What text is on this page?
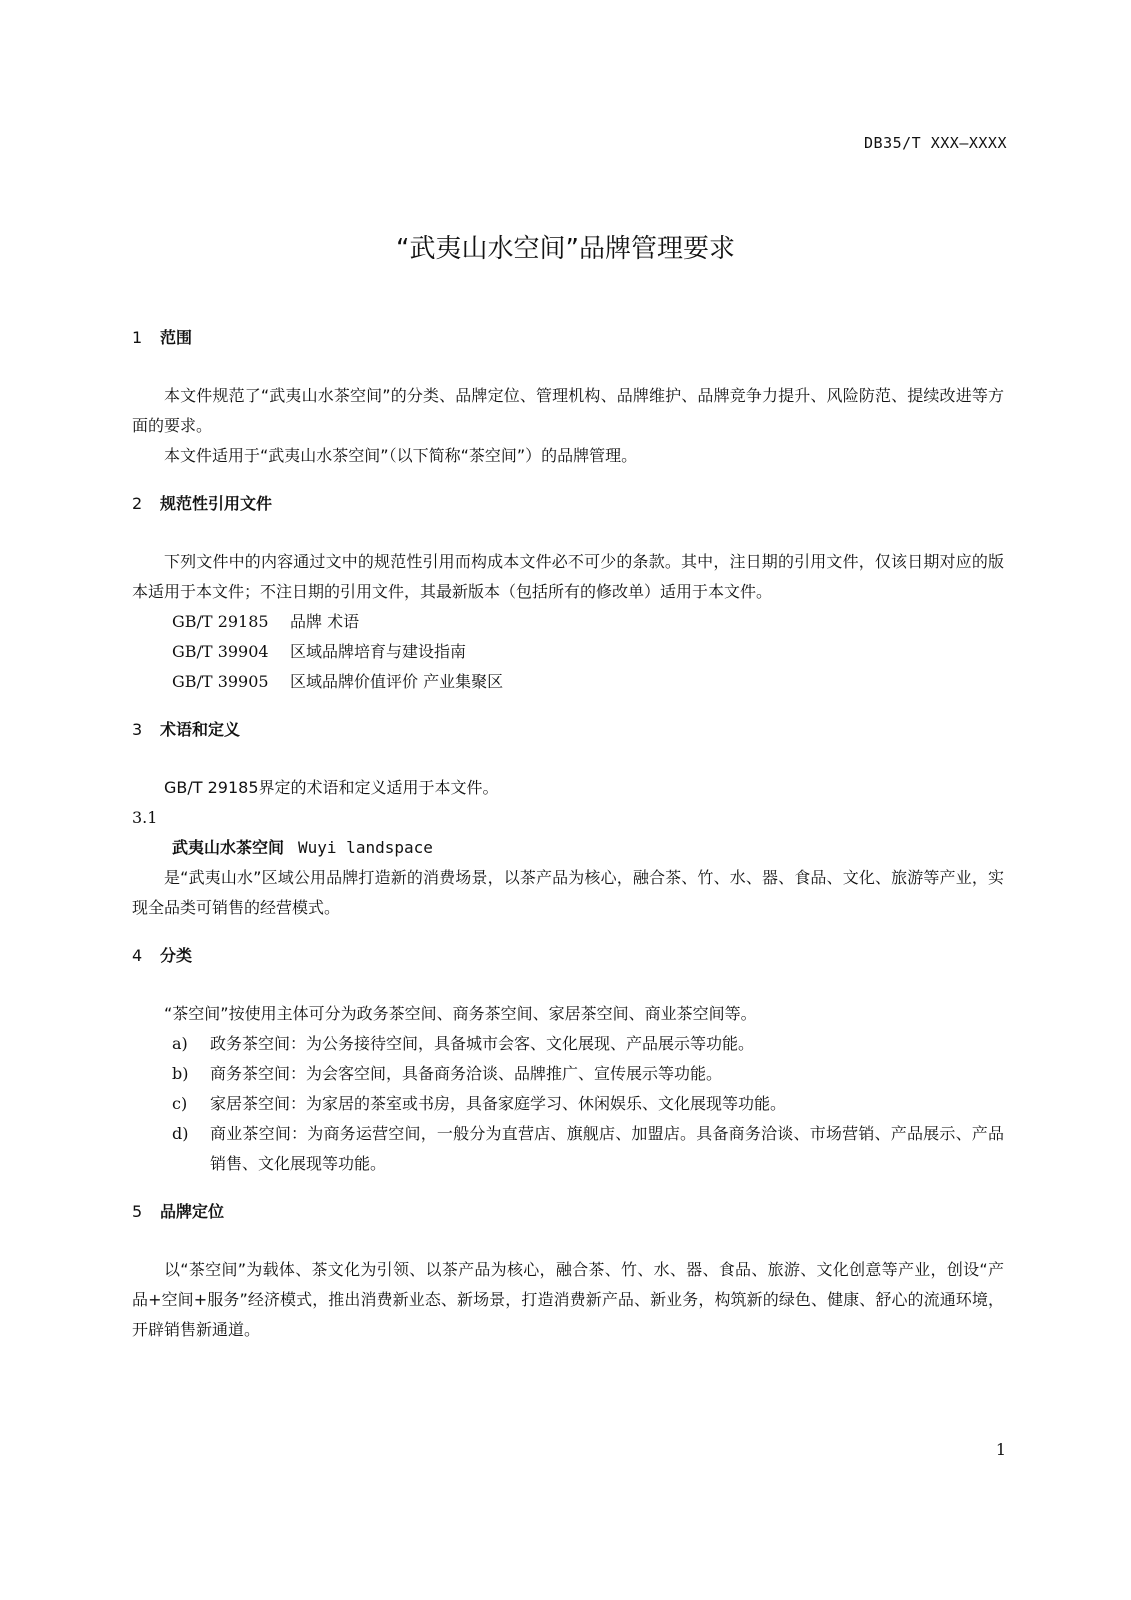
DB35/T XXX—XXXX
“武夷山水空间”品牌管理要求
1 范围

本文件规范了“武夷山水茶空间”的分类、品牌定位、管理机构、品牌维护、品牌竞争力提升、风险防范、提续改进等方面的要求。

本文件适用于“武夷山水茶空间”（以下简称“茶空间”）的品牌管理。

2 规范性引用文件

下列文件中的内容通过文中的规范性引用而构成本文件必不可少的条款。其中，注日期的引用文件，仅该日期对应的版本适用于本文件；不注日期的引用文件，其最新版本（包括所有的修改单）适用于本文件。

GB/T 29185 品牌 术语

GB/T 39904 区域品牌培育与建设指南

GB/T 39905 区域品牌价值评价 产业集聚区

3 术语和定义

GB/T 29185界定的术语和定义适用于本文件。

3.1

武夷山水茶空间 Wuyi landspace

是“武夷山水”区域公用品牌打造新的消费场景，以茶产品为核心，融合茶、竹、水、器、食品、文化、旅游等产业，实现全品类可销售的经营模式。

4 分类

“茶空间”按使用主体可分为政务茶空间、商务茶空间、家居茶空间、商业茶空间等。

a) 政务茶空间：为公务接待空间，具备城市会客、文化展现、产品展示等功能。

b) 商务茶空间：为会客空间，具备商务洽谈、品牌推广、宣传展示等功能。

c) 家居茶空间：为家居的茶室或书房，具备家庭学习、休闲娱乐、文化展现等功能。

d) 商业茶空间：为商务运营空间，一般分为直营店、旗舰店、加盟店。具备商务洽谈、市场营销、产品展示、产品销售、文化展现等功能。

5 品牌定位

以“茶空间”为载体、茶文化为引领、以茶产品为核心，融合茶、竹、水、器、食品、旅游、文化创意等产业，创设“产品+空间+服务”经济模式，推出消费新业态、新场景，打造消费新产品、新业务，构筑新的绿色、健康、舒心的流通环境，开辟销售新通道。

1
